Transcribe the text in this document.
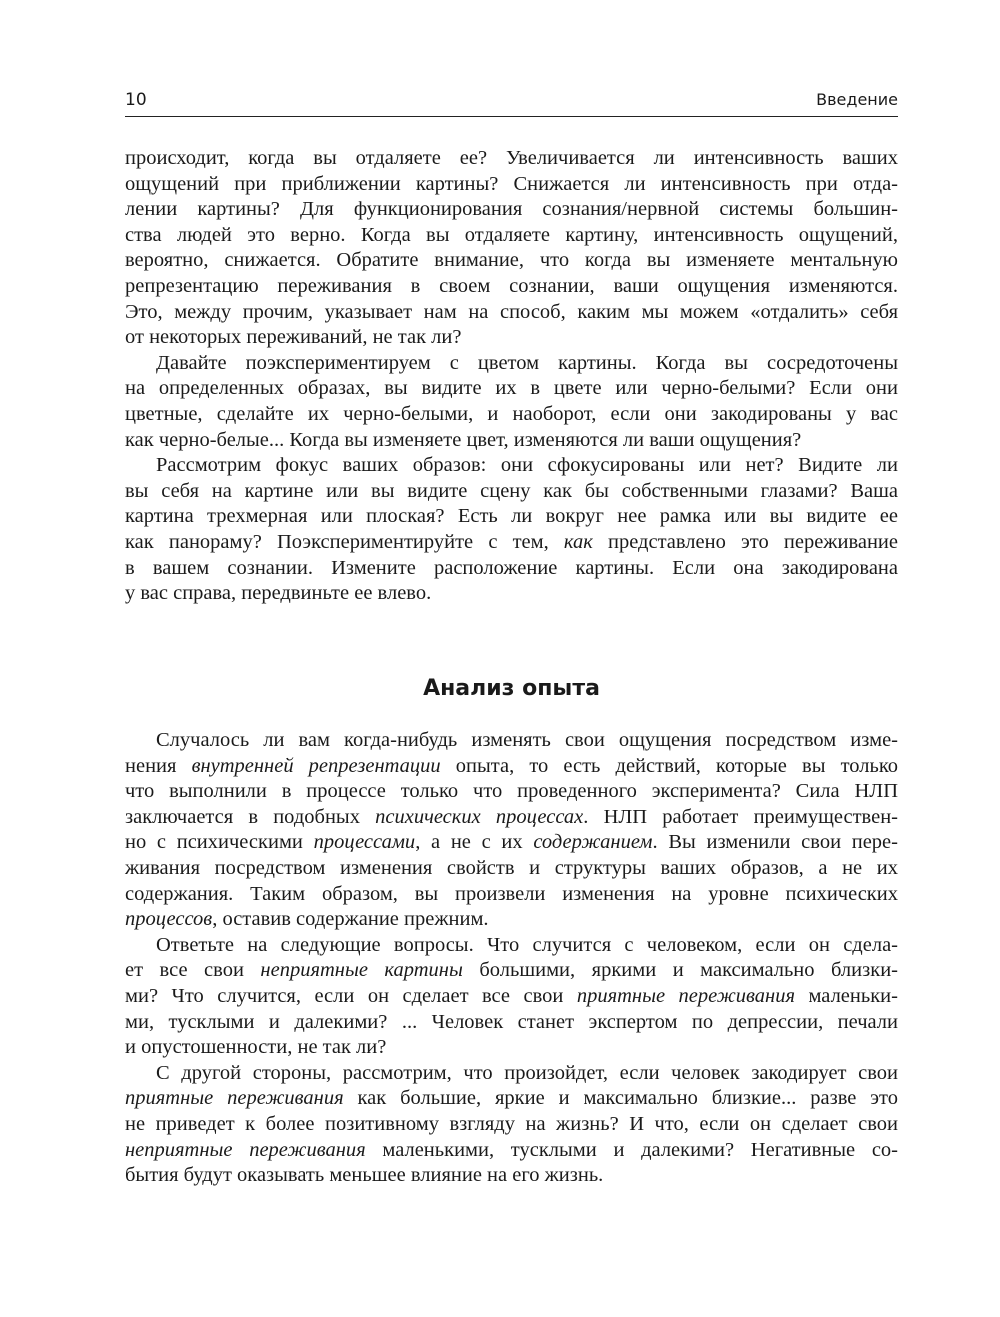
10	Введение
происходит, когда вы отдаляете ее? Увеличивается ли интенсивность ваших
ощущений при приближении картины? Снижается ли интенсивность при отда-
лении картины? Для функционирования сознания/нервной системы большин-
ства людей это верно. Когда вы отдаляете картину, интенсивность ощущений,
вероятно, снижается. Обратите внимание, что когда вы изменяете ментальную
репрезентацию переживания в своем сознании, ваши ощущения изменяются.
Это, между прочим, указывает нам на способ, каким мы можем «отдалить» себя
от некоторых переживаний, не так ли?
Давайте поэкспериментируем с цветом картины. Когда вы сосредоточены
на определенных образах, вы видите их в цвете или черно-белыми? Если они
цветные, сделайте их черно-белыми, и наоборот, если они закодированы у вас
как черно-белые... Когда вы изменяете цвет, изменяются ли ваши ощущения?
Рассмотрим фокус ваших образов: они сфокусированы или нет? Видите ли
вы себя на картине или вы видите сцену как бы собственными глазами? Ваша
картина трехмерная или плоская? Есть ли вокруг нее рамка или вы видите ее
как панораму? Поэкспериментируйте с тем, как представлено это переживание
в вашем сознании. Измените расположение картины. Если она закодирована
у вас справа, передвиньте ее влево.
Анализ опыта
Случалось ли вам когда-нибудь изменять свои ощущения посредством изме-
нения внутренней репрезентации опыта, то есть действий, которые вы только
что выполнили в процессе только что проведенного эксперимента? Сила НЛП
заключается в подобных психических процессах. НЛП работает преимуществен-
но с психическими процессами, а не с их содержанием. Вы изменили свои пере-
живания посредством изменения свойств и структуры ваших образов, а не их
содержания. Таким образом, вы произвели изменения на уровне психических
процессов, оставив содержание прежним.
Ответьте на следующие вопросы. Что случится с человеком, если он сдела-
ет все свои неприятные картины большими, яркими и максимально близки-
ми? Что случится, если он сделает все свои приятные переживания маленьки-
ми, тусклыми и далекими? ... Человек станет экспертом по депрессии, печали
и опустошенности, не так ли?
С другой стороны, рассмотрим, что произойдет, если человек закодирует свои
приятные переживания как большие, яркие и максимально близкие... разве это
не приведет к более позитивному взгляду на жизнь? И что, если он сделает свои
неприятные переживания маленькими, тусклыми и далекими? Негативные со-
бытия будут оказывать меньшее влияние на его жизнь.
